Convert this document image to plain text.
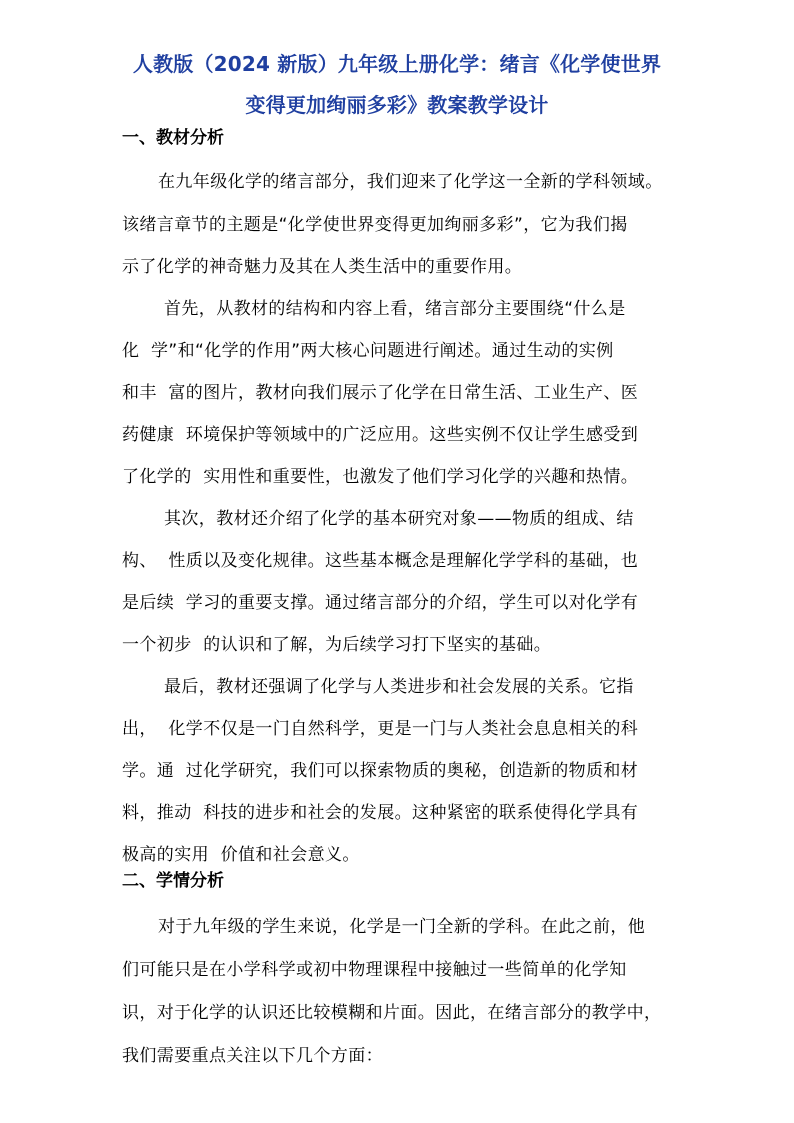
人教版（2024 新版）九年级上册化学：绪言《化学使世界
变得更加绚丽多彩》教案教学设计
一、教材分析
在九年级化学的绪言部分，我们迎来了化学这一全新的学科领域。
该绪言章节的主题是“化学使世界变得更加绚丽多彩”，它为我们揭
示了化学的神奇魅力及其在人类生活中的重要作用。
首先，从教材的结构和内容上看，绪言部分主要围绕“什么是
化  学”和“化学的作用”两大核心问题进行阐述。通过生动的实例
和丰  富的图片，教材向我们展示了化学在日常生活、工业生产、医
药健康  环境保护等领域中的广泛应用。这些实例不仅让学生感受到
了化学的  实用性和重要性，也激发了他们学习化学的兴趣和热情。
其次，教材还介绍了化学的基本研究对象——物质的组成、结
构、  性质以及变化规律。这些基本概念是理解化学学科的基础，也
是后续  学习的重要支撑。通过绪言部分的介绍，学生可以对化学有
一个初步  的认识和了解，为后续学习打下坚实的基础。
最后，教材还强调了化学与人类进步和社会发展的关系。它指
出，  化学不仅是一门自然科学，更是一门与人类社会息息相关的科
学。通  过化学研究，我们可以探索物质的奥秘，创造新的物质和材
料，推动  科技的进步和社会的发展。这种紧密的联系使得化学具有
极高的实用  价值和社会意义。
二、学情分析
对于九年级的学生来说，化学是一门全新的学科。在此之前，他
们可能只是在小学科学或初中物理课程中接触过一些简单的化学知
识，对于化学的认识还比较模糊和片面。因此，在绪言部分的教学中，
我们需要重点关注以下几个方面：
